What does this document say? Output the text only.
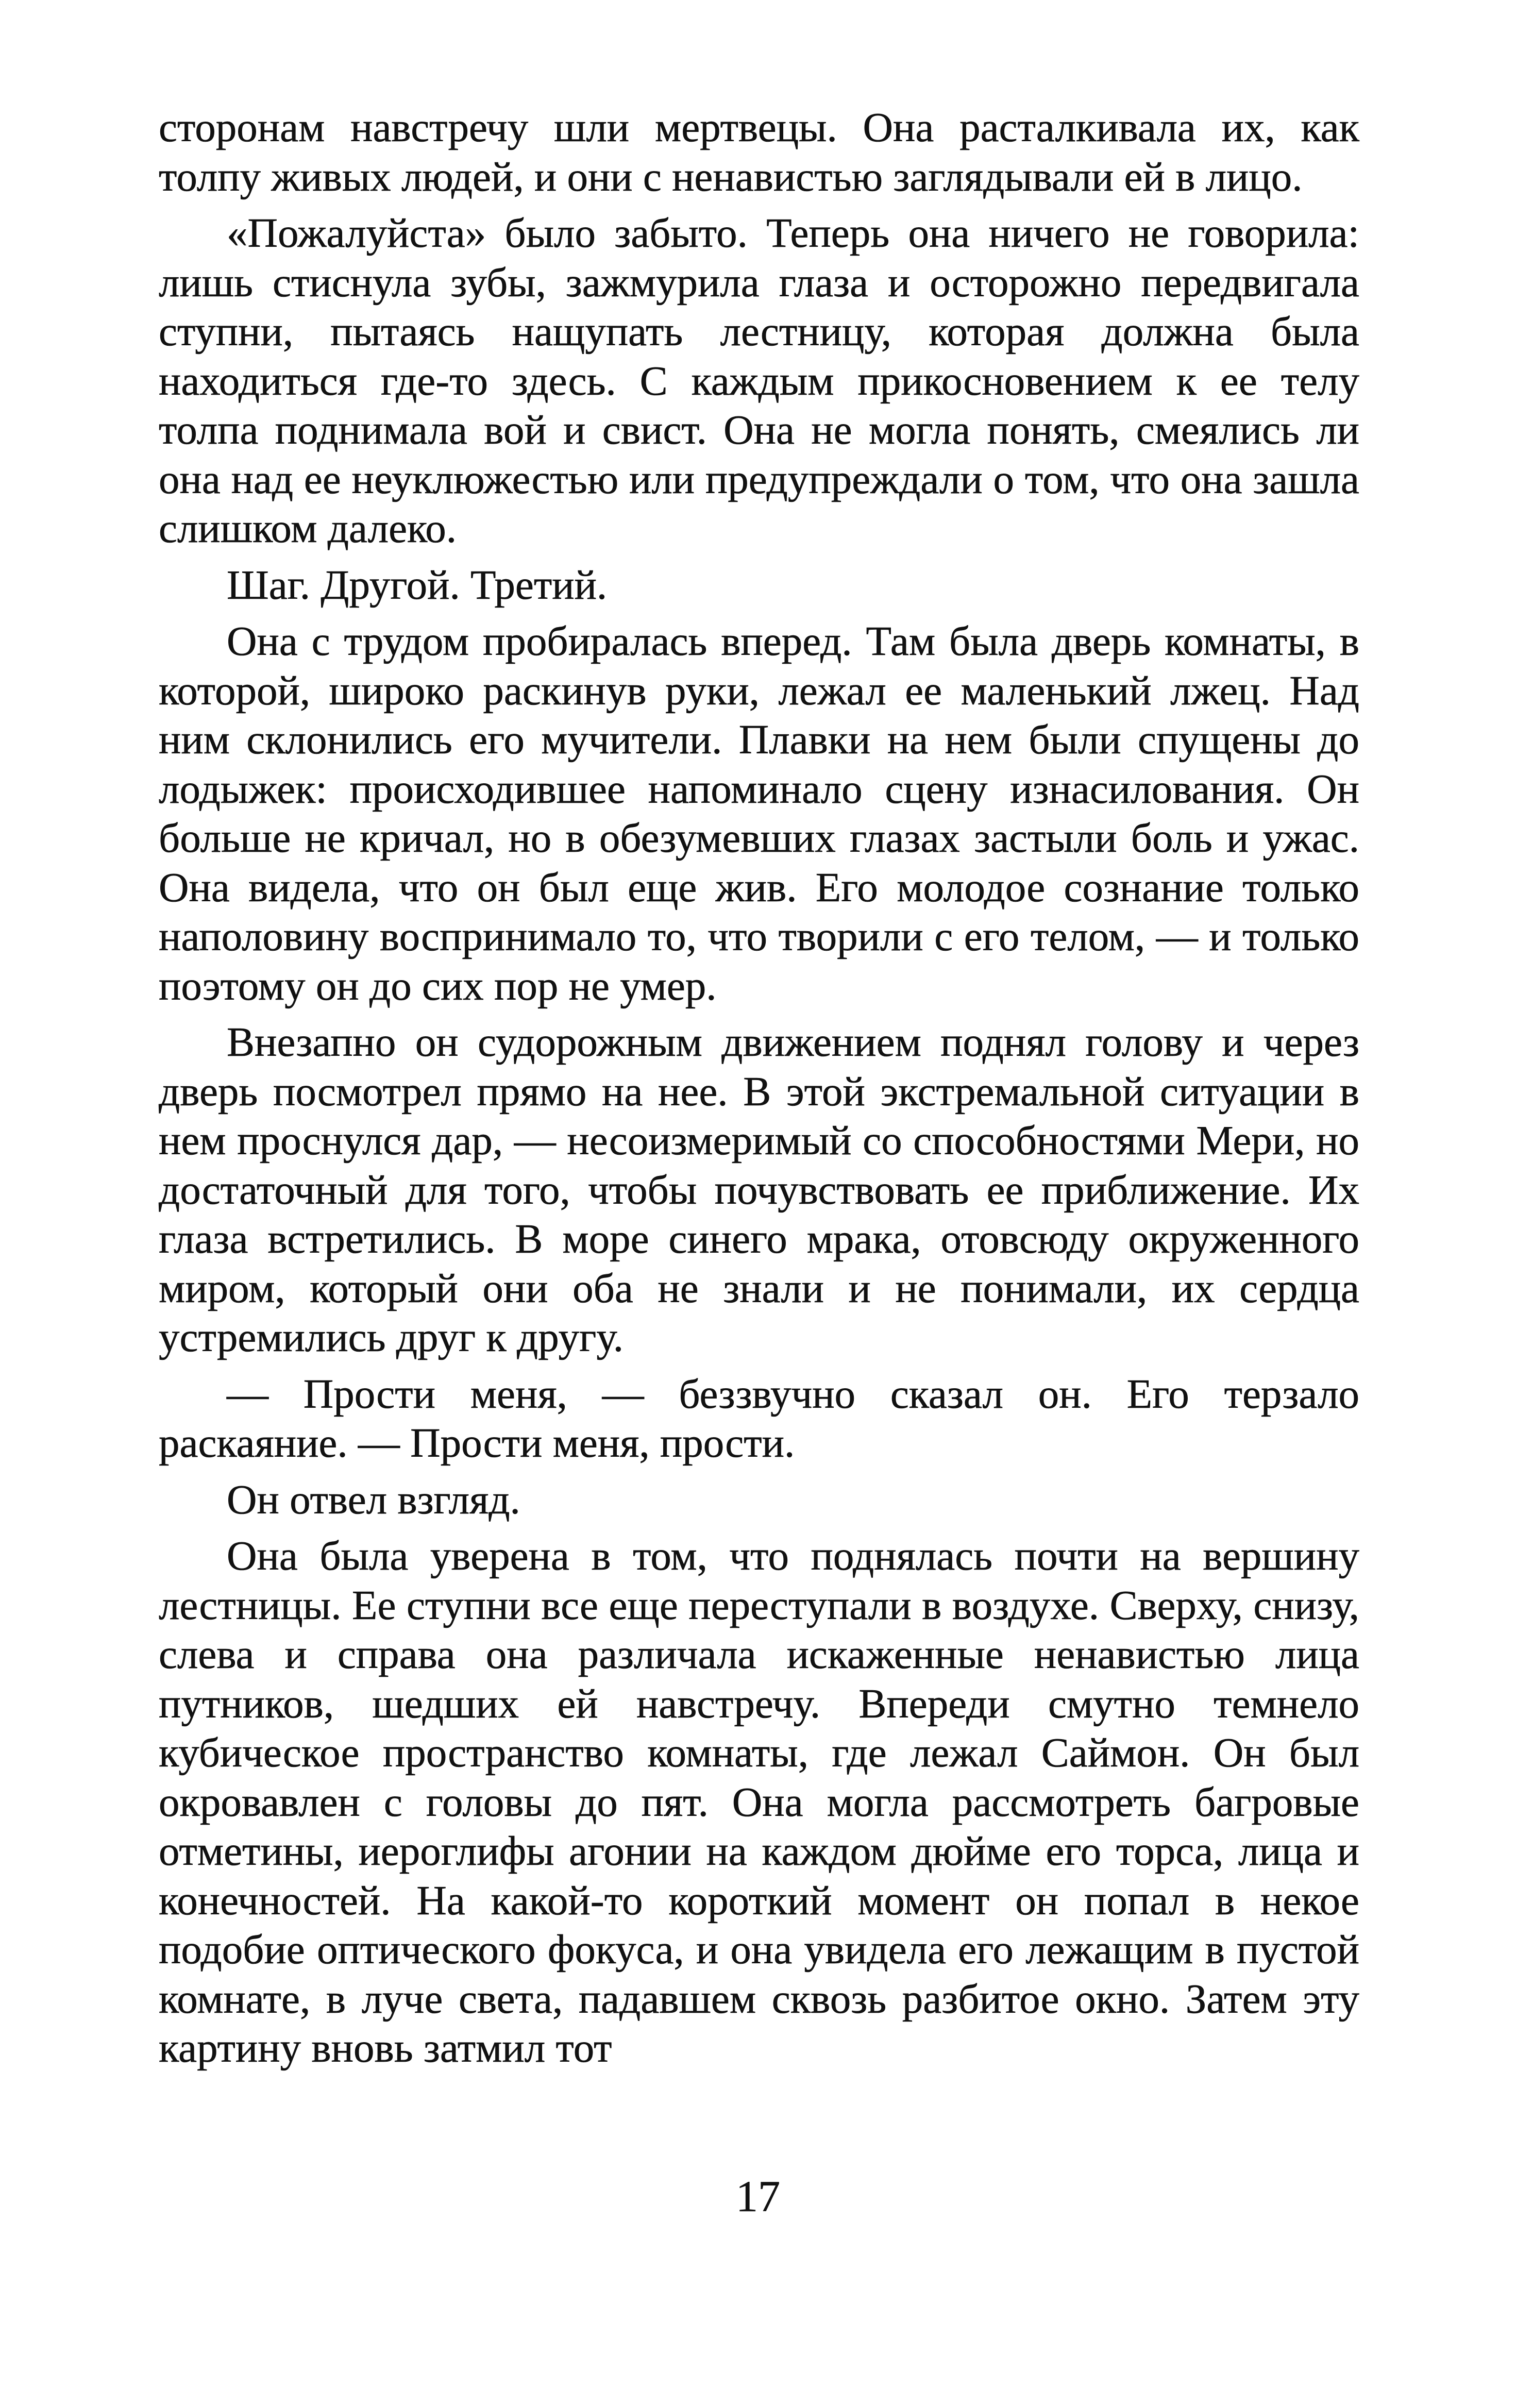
сторонам навстречу шли мертвецы. Она расталкивала их, как толпу живых людей, и они с ненавистью заглядывали ей в лицо.

«Пожалуйста» было забыто. Теперь она ничего не говорила: лишь стиснула зубы, зажмурила глаза и осторожно передвигала ступни, пытаясь нащупать лестницу, которая должна была находиться где-то здесь. С каждым прикосновением к ее телу толпа поднимала вой и свист. Она не могла понять, смеялись ли она над ее неуклюжестью или предупреждали о том, что она зашла слишком далеко.

Шаг. Другой. Третий.

Она с трудом пробиралась вперед. Там была дверь комнаты, в которой, широко раскинув руки, лежал ее маленький лжец. Над ним склонились его мучители. Плавки на нем были спущены до лодыжек: происходившее напоминало сцену изнасилования. Он больше не кричал, но в обезумевших глазах застыли боль и ужас. Она видела, что он был еще жив. Его молодое сознание только наполовину воспринимало то, что творили с его телом, — и только поэтому он до сих пор не умер.

Внезапно он судорожным движением поднял голову и через дверь посмотрел прямо на нее. В этой экстремальной ситуации в нем проснулся дар, — несоизмеримый со способностями Мери, но достаточный для того, чтобы почувствовать ее приближение. Их глаза встретились. В море синего мрака, отовсюду окруженного миром, который они оба не знали и не понимали, их сердца устремились друг к другу.

— Прости меня, — беззвучно сказал он. Его терзало раскаяние. — Прости меня, прости.

Он отвел взгляд.

Она была уверена в том, что поднялась почти на вершину лестницы. Ее ступни все еще переступали в воздухе. Сверху, снизу, слева и справа она различала искаженные ненавистью лица путников, шедших ей навстречу. Впереди смутно темнело кубическое пространство комнаты, где лежал Саймон. Он был окровавлен с головы до пят. Она могла рассмотреть багровые отметины, иероглифы агонии на каждом дюйме его торса, лица и конечностей. На какой-то короткий момент он попал в некое подобие оптического фокуса, и она увидела его лежащим в пустой комнате, в луче света, падавшем сквозь разбитое окно. Затем эту картину вновь затмил тот

17
